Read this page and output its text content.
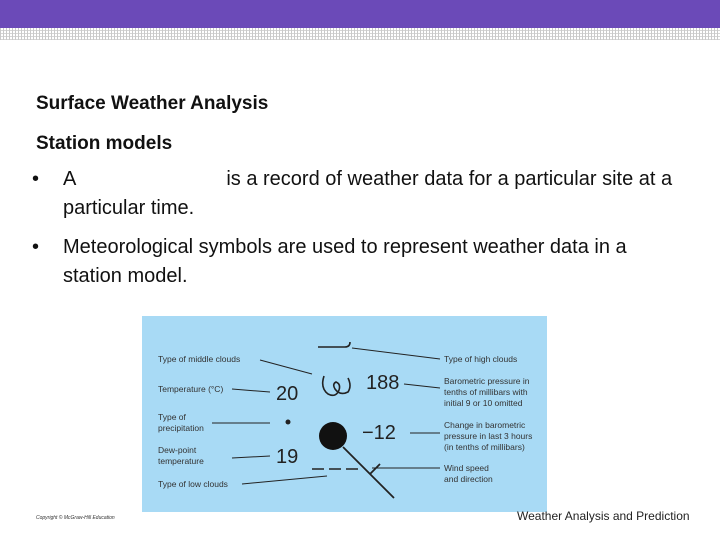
Surface Weather Analysis
Station models
• A	is a record of weather data for a particular site at a particular time.
• Meteorological symbols are used to represent weather data in a station model.
Type of middle clouds
Temperature (°C)
Type of
precipitation
Dew-point
temperature
Type of low clouds
Type of high clouds
Barometric pressure in
tenths of millibars with
initial 9 or 10 omitted
Change in barometric
pressure in last 3 hours
(in tenths of millibars)
Wind speed
and direction
20
19
188
−12
Copyright © McGraw-Hill Education	Weather Analysis and Prediction
